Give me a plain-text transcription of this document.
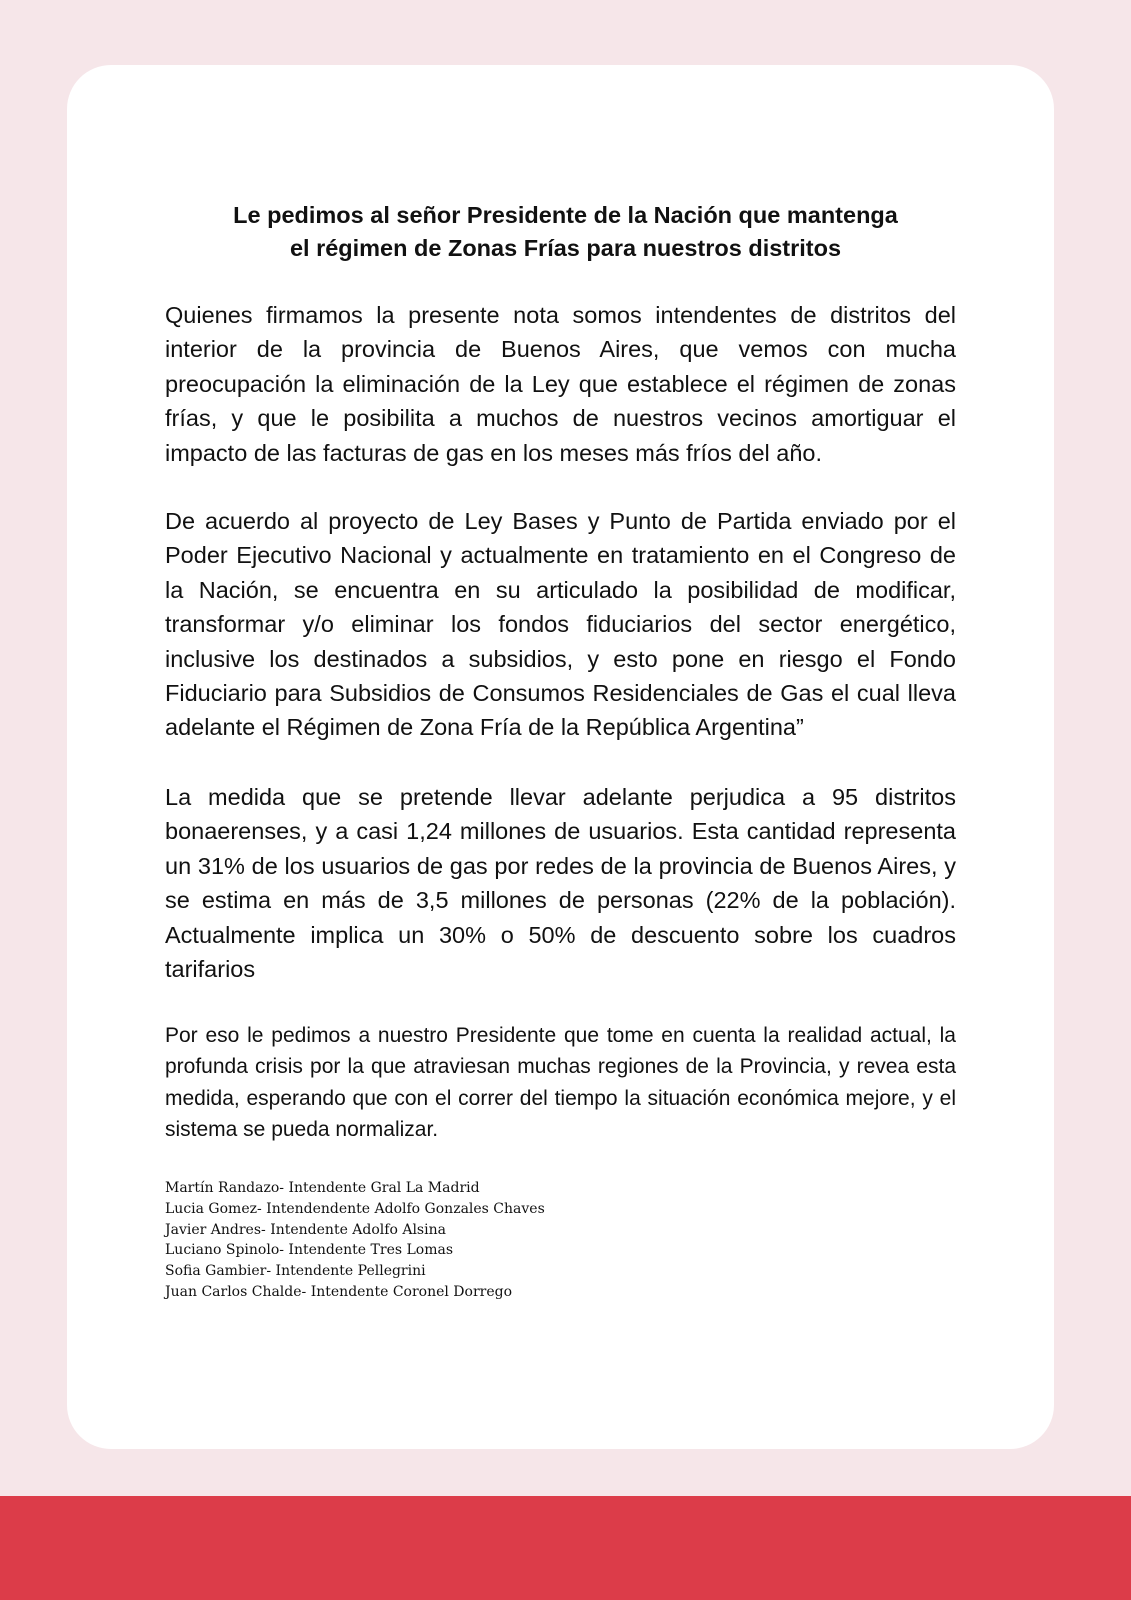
Le pedimos al señor Presidente de la Nación que mantenga
el régimen de Zonas Frías para nuestros distritos

Quienes firmamos la presente nota somos intendentes de distritos del interior de la provincia de Buenos Aires, que vemos con mucha preocupación la eliminación de la Ley que establece el régimen de zonas frías, y que le posibilita a muchos de nuestros vecinos amortiguar el impacto de las facturas de gas en los meses más fríos del año.

De acuerdo al proyecto de Ley Bases y Punto de Partida enviado por el Poder Ejecutivo Nacional y actualmente en tratamiento en el Congreso de la Nación, se encuentra en su articulado la posibilidad de modificar, transformar y/o eliminar los fondos fiduciarios del sector energético, inclusive los destinados a subsidios, y esto pone en riesgo el Fondo Fiduciario para Subsidios de Consumos Residenciales de Gas el cual lleva adelante el Régimen de Zona Fría de la República Argentina”

La medida que se pretende llevar adelante perjudica a 95 distritos bonaerenses, y a casi 1,24 millones de usuarios. Esta cantidad representa un 31% de los usuarios de gas por redes de la provincia de Buenos Aires, y se estima en más de 3,5 millones de personas (22% de la población). Actualmente implica un 30% o 50% de descuento sobre los cuadros tarifarios

Por eso le pedimos a nuestro Presidente que tome en cuenta la realidad actual, la profunda crisis por la que atraviesan muchas regiones de la Provincia, y revea esta medida, esperando que con el correr del tiempo la situación económica mejore, y el sistema se pueda normalizar.

Martín Randazo- Intendente Gral La Madrid
Lucia Gomez- Intendendente Adolfo Gonzales Chaves
Javier Andres- Intendente Adolfo Alsina
Luciano Spinolo- Intendente Tres Lomas
Sofia Gambier- Intendente Pellegrini
Juan Carlos Chalde- Intendente Coronel Dorrego
